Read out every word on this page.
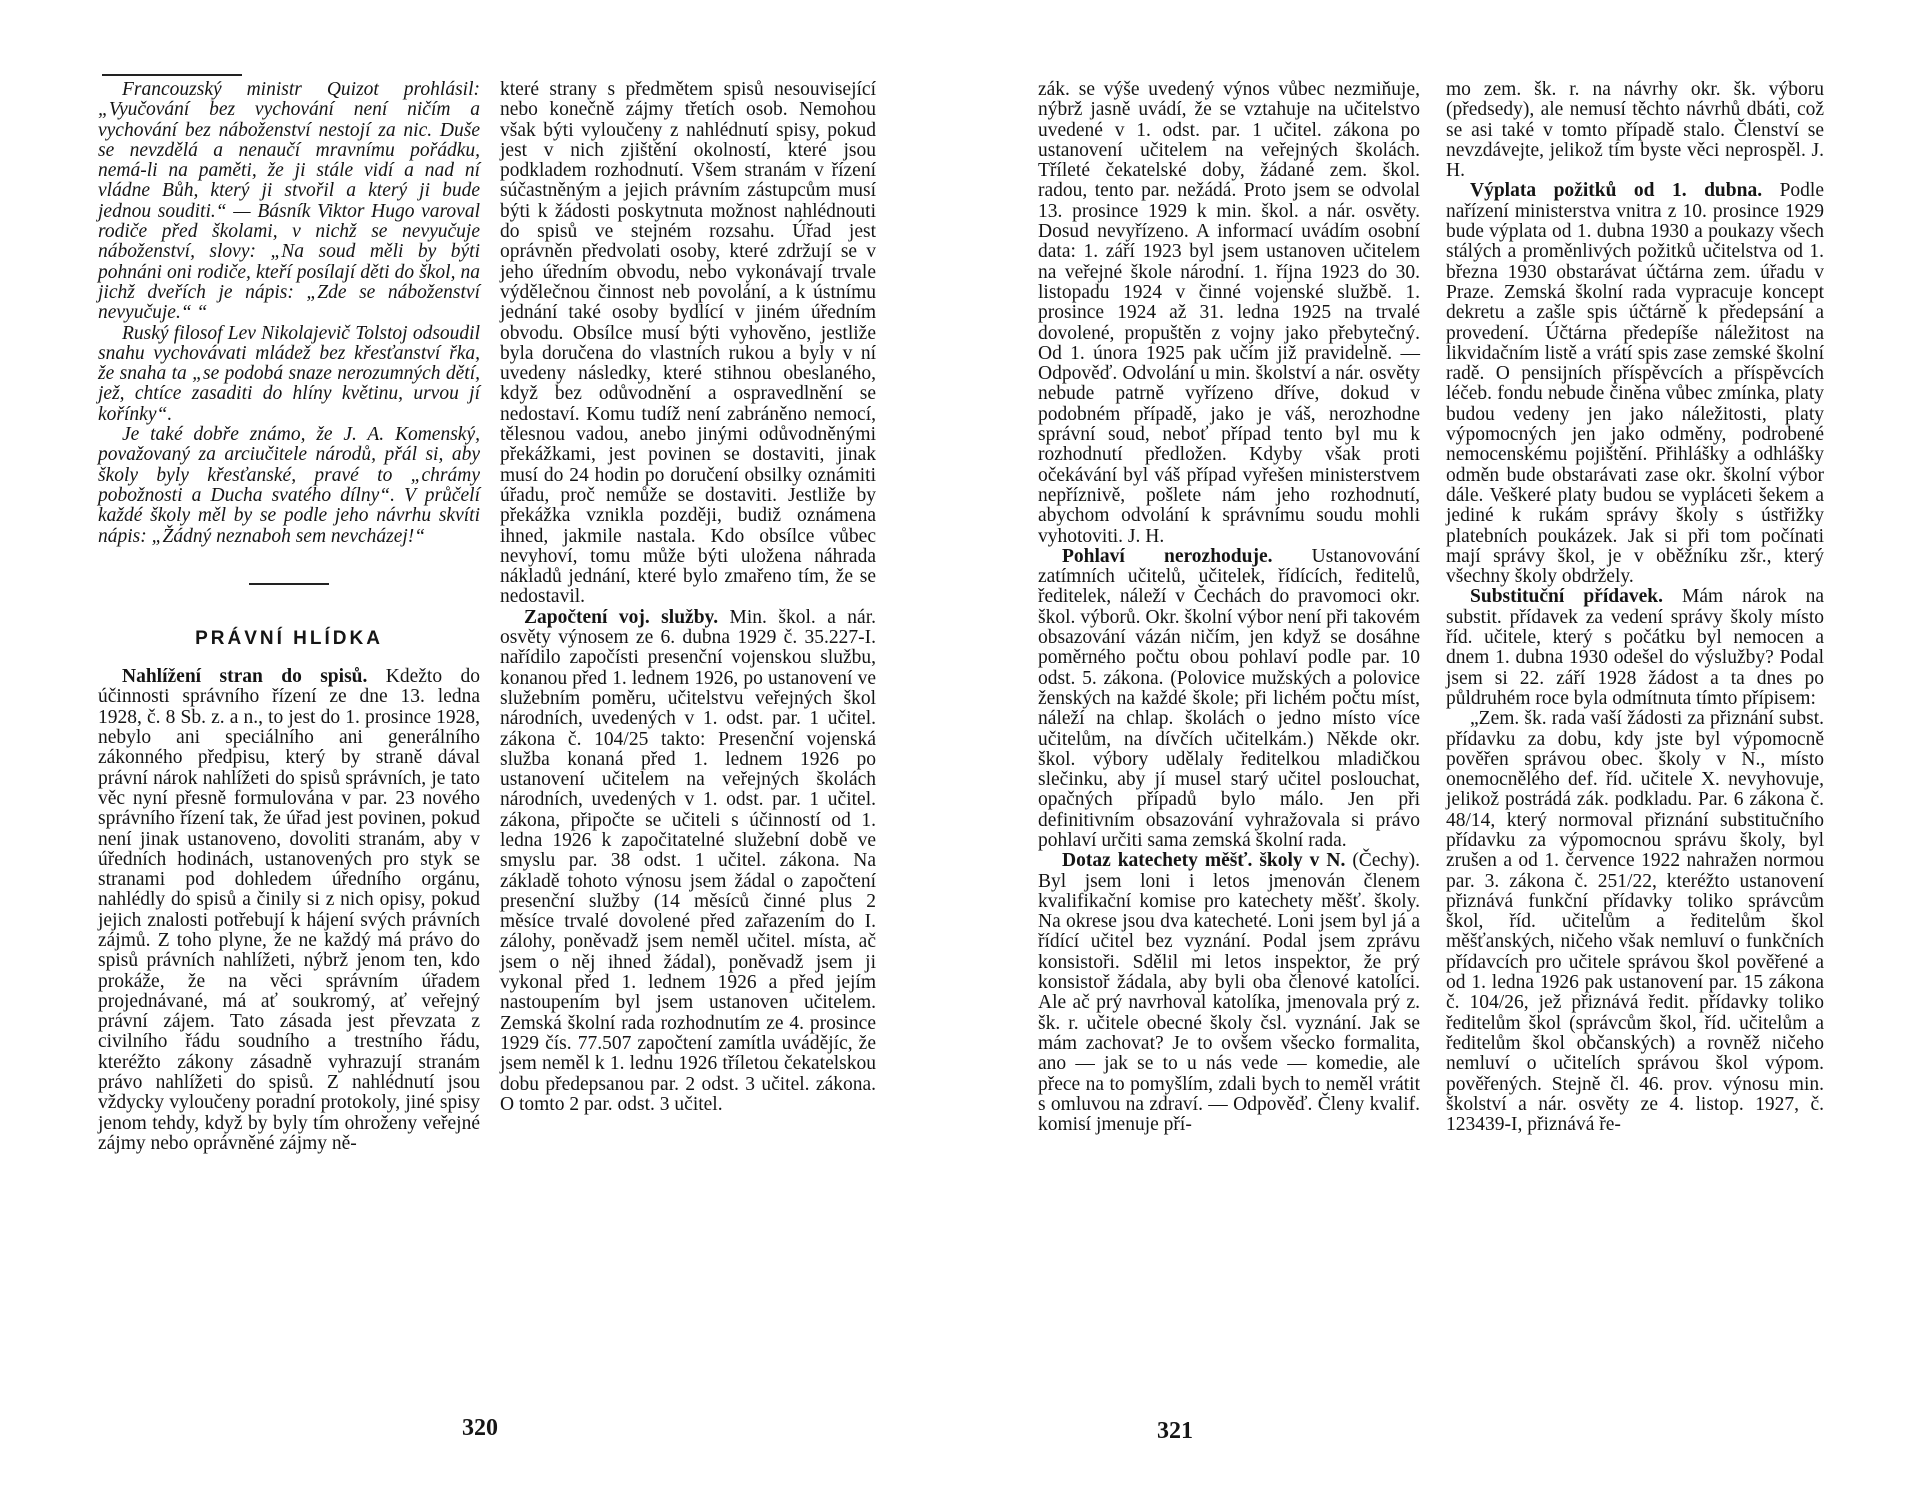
Francouzský ministr Quizot prohlásil: „Vyučování bez vychování není ničím a vychování bez náboženství nestojí za nic. Duše se nevzdělá a nenaučí mravnímu pořádku, nemá-li na paměti, že ji stále vidí a nad ní vládne Bůh, který ji stvořil a který ji bude jednou souditi.“ — Básník Viktor Hugo varoval rodiče před školami, v nichž se nevyučuje náboženství, slovy: „Na soud měli by býti pohnáni oni rodiče, kteří posílají děti do škol, na jichž dveřích je nápis: „Zde se náboženství nevyučuje.“ “

Ruský filosof Lev Nikolajevič Tolstoj odsoudil snahu vychovávati mládež bez křesťanství řka, že snaha ta „se podobá snaze nerozumných dětí, jež, chtíce zasaditi do hlíny květinu, urvou jí kořínky“.

Je také dobře známo, že J. A. Komenský, považovaný za arciučitele národů, přál si, aby školy byly křesťanské, pravé to „chrámy pobožnosti a Ducha svatého dílny“. V průčelí každé školy měl by se podle jeho návrhu skvíti nápis: „Žádný neznaboh sem nevcházej!“

PRÁVNÍ HLÍDKA

Nahlížení stran do spisů. Kdežto do účinnosti správního řízení ze dne 13. ledna 1928, č. 8 Sb. z. a n., to jest do 1. prosince 1928, nebylo ani speciálního ani generálního zákonného předpisu, který by straně dával právní nárok nahlížeti do spisů správních, je tato věc nyní přesně formulována v par. 23 nového správního řízení tak, že úřad jest povinen, pokud není jinak ustanoveno, dovoliti stranám, aby v úředních hodinách, ustanovených pro styk se stranami pod dohledem úředního orgánu, nahlédly do spisů a činily si z nich opisy, pokud jejich znalosti potřebují k hájení svých právních zájmů. Z toho plyne, že ne každý má právo do spisů právních nahlížeti, nýbrž jenom ten, kdo prokáže, že na věci správním úřadem projednávané, má ať soukromý, ať veřejný právní zájem. Tato zásada jest převzata z civilního řádu soudního a trestního řádu, kteréžto zákony zásadně vyhrazují stranám právo nahlížeti do spisů. Z nahlédnutí jsou vždycky vyloučeny poradní protokoly, jiné spisy jenom tehdy, když by byly tím ohroženy veřejné zájmy nebo oprávněné zájmy ně-

které strany s předmětem spisů nesouvisející nebo konečně zájmy třetích osob. Nemohou však býti vyloučeny z nahlédnutí spisy, pokud jest v nich zjištění okolností, které jsou podkladem rozhodnutí. Všem stranám v řízení súčastněným a jejich právním zástupcům musí býti k žádosti poskytnuta možnost nahlédnouti do spisů ve stejném rozsahu. Úřad jest oprávněn předvolati osoby, které zdržují se v jeho úředním obvodu, nebo vykonávají trvale výdělečnou činnost neb povolání, a k ústnímu jednání také osoby bydlící v jiném úředním obvodu. Obsílce musí býti vyhověno, jestliže byla doručena do vlastních rukou a byly v ní uvedeny následky, které stihnou obeslaného, když bez odůvodnění a ospravedlnění se nedostaví. Komu tudíž není zabráněno nemocí, tělesnou vadou, anebo jinými odůvodněnými překážkami, jest povinen se dostaviti, jinak musí do 24 hodin po doručení obsilky oznámiti úřadu, proč nemůže se dostaviti. Jestliže by překážka vznikla později, budiž oznámena ihned, jakmile nastala. Kdo obsílce vůbec nevyhoví, tomu může býti uložena náhrada nákladů jednání, které bylo zmařeno tím, že se nedostavil.

Započtení voj. služby. Min. škol. a nár. osvěty výnosem ze 6. dubna 1929 č. 35.227-I. nařídilo započísti presenční vojenskou službu, konanou před 1. lednem 1926, po ustanovení ve služebním poměru, učitelstvu veřejných škol národních, uvedených v 1. odst. par. 1 učitel. zákona č. 104/25 takto: Presenční vojenská služba konaná před 1. lednem 1926 po ustanovení učitelem na veřejných školách národních, uvedených v 1. odst. par. 1 učitel. zákona, připočte se učiteli s účinností od 1. ledna 1926 k započitatelné služební době ve smyslu par. 38 odst. 1 učitel. zákona. Na základě tohoto výnosu jsem žádal o započtení presenční služby (14 měsíců činné plus 2 měsíce trvalé dovolené před zařazením do I. zálohy, poněvadž jsem neměl učitel. místa, ač jsem o něj ihned žádal), poněvadž jsem ji vykonal před 1. lednem 1926 a před jejím nastoupením byl jsem ustanoven učitelem. Zemská školní rada rozhodnutím ze 4. prosince 1929 čís. 77.507 započtení zamítla uvádějíc, že jsem neměl k 1. lednu 1926 tříletou čekatelskou dobu předepsanou par. 2 odst. 3 učitel. zákona. O tomto 2 par. odst. 3 učitel.

320

zák. se výše uvedený výnos vůbec nezmiňuje, nýbrž jasně uvádí, že se vztahuje na učitelstvo uvedené v 1. odst. par. 1 učitel. zákona po ustanovení učitelem na veřejných školách. Tříleté čekatelské doby, žádané zem. škol. radou, tento par. nežádá. Proto jsem se odvolal 13. prosince 1929 k min. škol. a nár. osvěty. Dosud nevyřízeno. A informací uvádím osobní data: 1. září 1923 byl jsem ustanoven učitelem na veřejné škole národní. 1. října 1923 do 30. listopadu 1924 v činné vojenské službě. 1. prosince 1924 až 31. ledna 1925 na trvalé dovolené, propuštěn z vojny jako přebytečný. Od 1. února 1925 pak učím již pravidelně. — Odpověď. Odvolání u min. školství a nár. osvěty nebude patrně vyřízeno dříve, dokud v podobném případě, jako je váš, nerozhodne správní soud, neboť případ tento byl mu k rozhodnutí předložen. Kdyby však proti očekávání byl váš případ vyřešen ministerstvem nepříznivě, pošlete nám jeho rozhodnutí, abychom odvolání k správnímu soudu mohli vyhotoviti. J. H.

Pohlaví nerozhoduje. Ustanovování zatímních učitelů, učitelek, řídících, ředitelů, ředitelek, náleží v Čechách do pravomoci okr. škol. výborů. Okr. školní výbor není při takovém obsazování vázán ničím, jen když se dosáhne poměrného počtu obou pohlaví podle par. 10 odst. 5. zákona. (Polovice mužských a polovice ženských na každé škole; při lichém počtu míst, náleží na chlap. školách o jedno místo více učitelům, na dívčích učitelkám.) Někde okr. škol. výbory udělaly ředitelkou mladičkou slečinku, aby jí musel starý učitel poslouchat, opačných případů bylo málo. Jen při definitivním obsazování vyhražovala si právo pohlaví určiti sama zemská školní rada.

Dotaz katechety měšť. školy v N. (Čechy). Byl jsem loni i letos jmenován členem kvalifikační komise pro katechety měšť. školy. Na okrese jsou dva katecheté. Loni jsem byl já a řídící učitel bez vyznání. Podal jsem zprávu konsistoři. Sdělil mi letos inspektor, že prý konsistoř žádala, aby byli oba členové katolíci. Ale ač prý navrhoval katolíka, jmenovala prý z. šk. r. učitele obecné školy čsl. vyznání. Jak se mám zachovat? Je to ovšem všecko formalita, ano — jak se to u nás vede — komedie, ale přece na to pomyšlím, zdali bych to neměl vrátit s omluvou na zdraví. — Odpověď. Členy kvalif. komisí jmenuje pří-

mo zem. šk. r. na návrhy okr. šk. výboru (předsedy), ale nemusí těchto návrhů dbáti, což se asi také v tomto případě stalo. Členství se nevzdávejte, jelikož tím byste věci neprospěl. J. H.

Výplata požitků od 1. dubna. Podle nařízení ministerstva vnitra z 10. prosince 1929 bude výplata od 1. dubna 1930 a poukazy všech stálých a proměnlivých požitků učitelstva od 1. března 1930 obstarávat účtárna zem. úřadu v Praze. Zemská školní rada vypracuje koncept dekretu a zašle spis účtárně k předepsání a provedení. Účtárna předepíše náležitost na likvidačním listě a vrátí spis zase zemské školní radě. O pensijních příspěvcích a příspěvcích léčeb. fondu nebude činěna vůbec zmínka, platy budou vedeny jen jako náležitosti, platy výpomocných jen jako odměny, podrobené nemocenskému pojištění. Přihlášky a odhlášky odměn bude obstarávati zase okr. školní výbor dále. Veškeré platy budou se vypláceti šekem a jediné k rukám správy školy s ústřižky platebních poukázek. Jak si při tom počínati mají správy škol, je v oběžníku zšr., který všechny školy obdržely.

Substituční přídavek. Mám nárok na substit. přídavek za vedení správy školy místo říd. učitele, který s počátku byl nemocen a dnem 1. dubna 1930 odešel do výslužby? Podal jsem si 22. září 1928 žádost a ta dnes po půldruhém roce byla odmítnuta tímto přípisem:

„Zem. šk. rada vaší žádosti za přiznání subst. přídavku za dobu, kdy jste byl výpomocně pověřen správou obec. školy v N., místo onemocnělého def. říd. učitele X. nevyhovuje, jelikož postrádá zák. podkladu. Par. 6 zákona č. 48/14, který normoval přiznání substitučního přídavku za výpomocnou správu školy, byl zrušen a od 1. července 1922 nahražen normou par. 3. zákona č. 251/22, kteréžto ustanovení přiznává funkční přídavky toliko správcům škol, říd. učitelům a ředitelům škol měšťanských, ničeho však nemluví o funkčních přídavcích pro učitele správou škol pověřené a od 1. ledna 1926 pak ustanovení par. 15 zákona č. 104/26, jež přiznává ředit. přídavky toliko ředitelům škol (správcům škol, říd. učitelům a ředitelům škol občanských) a rovněž ničeho nemluví o učitelích správou škol výpom. pověřených. Stejně čl. 46. prov. výnosu min. školství a nár. osvěty ze 4. listop. 1927, č. 123439-I, přiznává ře-

321
